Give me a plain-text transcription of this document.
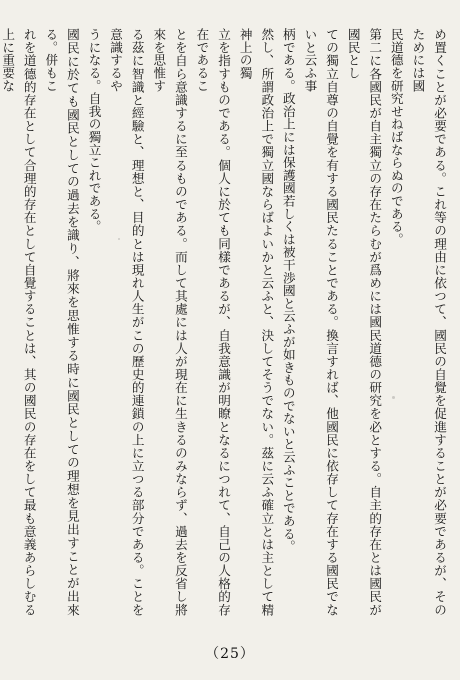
め置くことが必要である。これ等の理由に依つて、國民の自覺を促進することが必要であるが、そのためには國
民道德を研究せねばならぬのである。

第二に各國民が自主獨立の存在たらむが爲めには國民道德の研究を必とする。自主的存在とは國民が國民とし
ての獨立自尊の自覺を有する國民たることである。換言すれば、他國民に依存して存在する國民でないと云ふ事
柄である。政治上には保護國若しくは被干渉國と云ふが如きものでないと云ふことである。

然し、所謂政治上で獨立國ならばよいかと云ふと、決してそうでない。茲に云ふ確立とは主として精神上の獨
立を指すものである。個人に於ても同樣であるが、自我意識が明瞭となるにつれて、自己の人格的存在であるこ
とを自ら意識するに至るものである。而して其處には人が現在に生きるのみならず、過去を反省し將來を思惟す
る茲に智識と經驗と、理想と、目的とは現れ人生がこの歷史的連鎖の上に立つる部分である。ことを意識するや
うになる。自我の獨立これである。

國民に於ても國民としての過去を識り、將來を思惟する時に國民としての理想を見出すことが出來る。併もこ
れを道德的存在として合理的存在として自覺することは、其の國民の存在をして最も意義あらしむる上に重要な

（25）
